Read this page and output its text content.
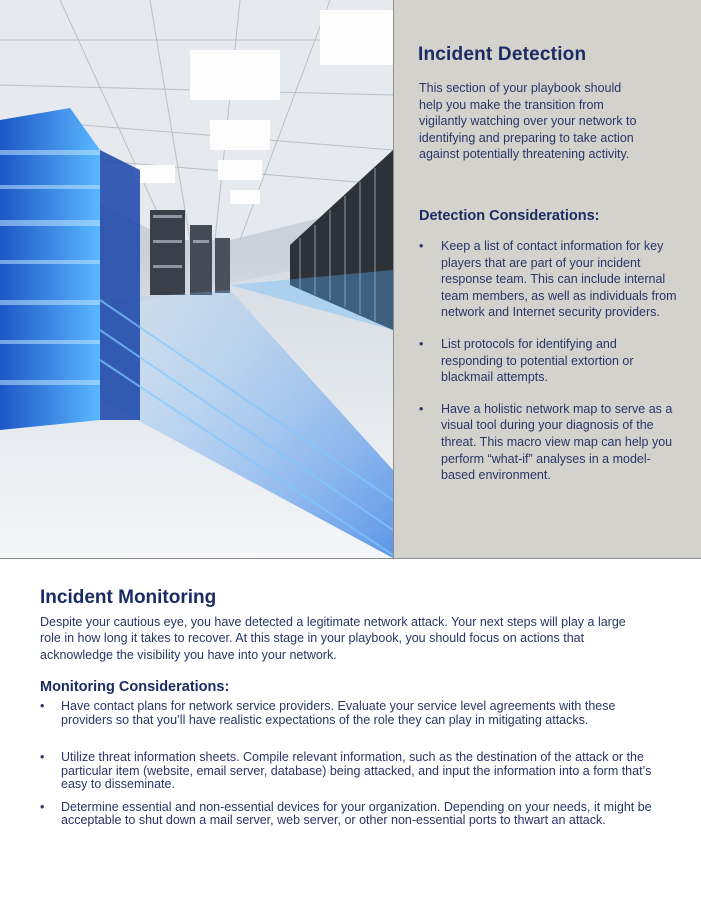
Incident Detection

This section of your playbook should help you make the transition from vigilantly watching over your network to identifying and preparing to take action against potentially threatening activity.

Detection Considerations:
• Keep a list of contact information for key players that are part of your incident response team. This can include internal team members, as well as individuals from network and Internet security providers.
• List protocols for identifying and responding to potential extortion or blackmail attempts.
• Have a holistic network map to serve as a visual tool during your diagnosis of the threat. This macro view map can help you perform “what-if” analyses in a model-based environment.
Incident Monitoring

Despite your cautious eye, you have detected a legitimate network attack. Your next steps will play a large role in how long it takes to recover. At this stage in your playbook, you should focus on actions that acknowledge the visibility you have into your network.

Monitoring Considerations:
• Have contact plans for network service providers. Evaluate your service level agreements with these providers so that you’ll have realistic expectations of the role they can play in mitigating attacks.
• Utilize threat information sheets. Compile relevant information, such as the destination of the attack or the particular item (website, email server, database) being attacked, and input the information into a form that’s easy to disseminate.
• Determine essential and non-essential devices for your organization. Depending on your needs, it might be acceptable to shut down a mail server, web server, or other non-essential ports to thwart an attack.
